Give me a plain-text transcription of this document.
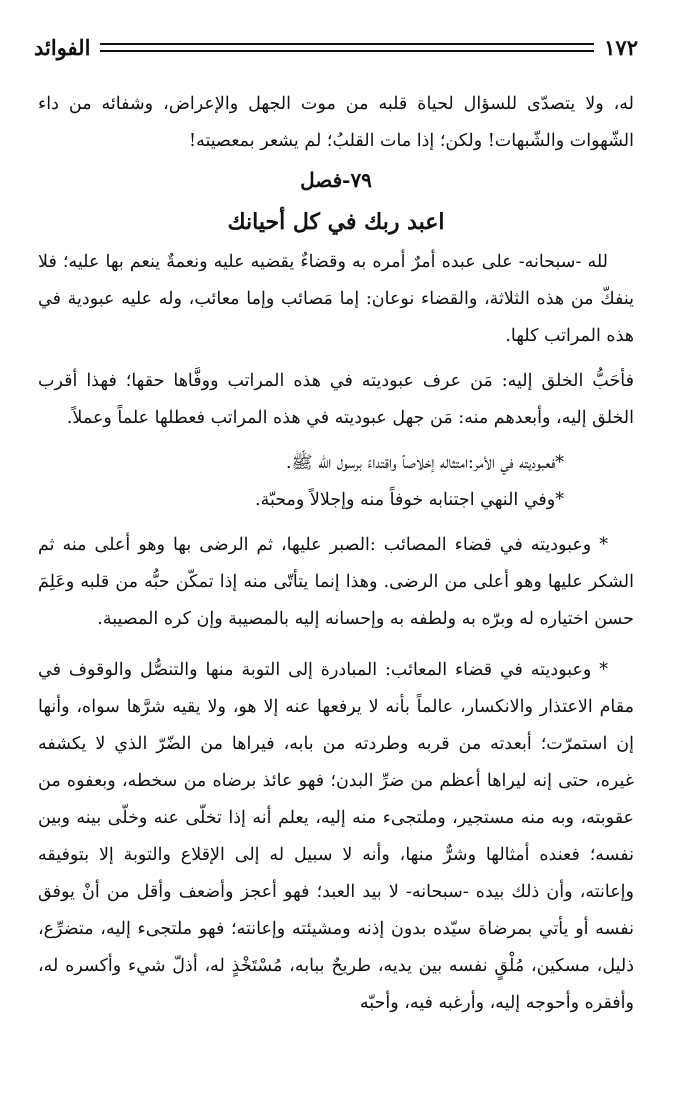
١٧٢
الفوائد

له، ولا يتصدّى للسؤال لحياة قلبه من موت الجهل والإعراض، وشفائه من داء الشّهوات والشّبهات! ولكن؛ إذا مات القلبُ؛ لم يشعر بمعصيته!

٧٩-فصل

اعبد ربك في كل أحيانك

لله -سبحانه- على عبده أمرٌ أمره به وقضاءٌ يقضيه عليه ونعمةٌ ينعم بها عليه؛ فلا ينفكّ من هذه الثلاثة، والقضاء نوعان: إما مَصائب وإما معائب، وله عليه عبودية في هذه المراتب كلها.

فأحَبُّ الخلق إليه: مَن عرف عبوديته في هذه المراتب ووفَّاها حقها؛ فهذا أقرب الخلق إليه، وأبعدهم منه: مَن جهل عبوديته في هذه المراتب فعطلها علماً وعملاً.

*فعبوديته في الأمر:امتثاله إخلاصاً واقتداءً برسول الله ﷺ.

*وفي النهي اجتنابه خوفاً منه وإجلالاً ومحبّة.

* وعبوديته في قضاء المصائب :الصبر عليها، ثم الرضى بها وهو أعلى منه ثم الشكر عليها وهو أعلى من الرضى. وهذا إنما يتأتّى منه إذا تمكّن حبُّه من قلبه وعَلِمَ حسن اختياره له وبرّه به ولطفه به وإحسانه إليه بالمصيبة وإن كره المصيبة.

* وعبوديته في قضاء المعائب: المبادرة إلى التوبة منها والتنصُّل والوقوف في مقام الاعتذار والانكسار، عالماً بأنه لا يرفعها عنه إلا هو، ولا يقيه شرَّها سواه، وأنها إن استمرّت؛ أبعدته من قربه وطردته من بابه، فيراها من الضّرّ الذي لا يكشفه غيره، حتى إنه ليراها أعظم من ضرِّ البدن؛ فهو عائذ برضاه من سخطه، وبعفوه من عقوبته، وبه منه مستجير، وملتجىء منه إليه، يعلم أنه إذا تخلّى عنه وخلّى بينه وبين نفسه؛ فعنده أمثالها وشرٌّ منها، وأنه لا سبيل له إلى الإقلاع والتوبة إلا بتوفيقه وإعانته، وأن ذلك بيده -سبحانه- لا بيد العبد؛ فهو أعجز وأضعف وأقل من أنْ يوفق نفسه أو يأتي بمرضاة سيّده بدون إذنه ومشيئته وإعانته؛ فهو ملتجىء إليه، متضرِّع، ذليل، مسكين، مُلْقٍ نفسه بين يديه، طريحٌ ببابه، مُسْتَخْذٍ له، أذلّ شيء وأكسره له، وأفقره وأحوجه إليه، وأرغبه فيه، وأحبّه
